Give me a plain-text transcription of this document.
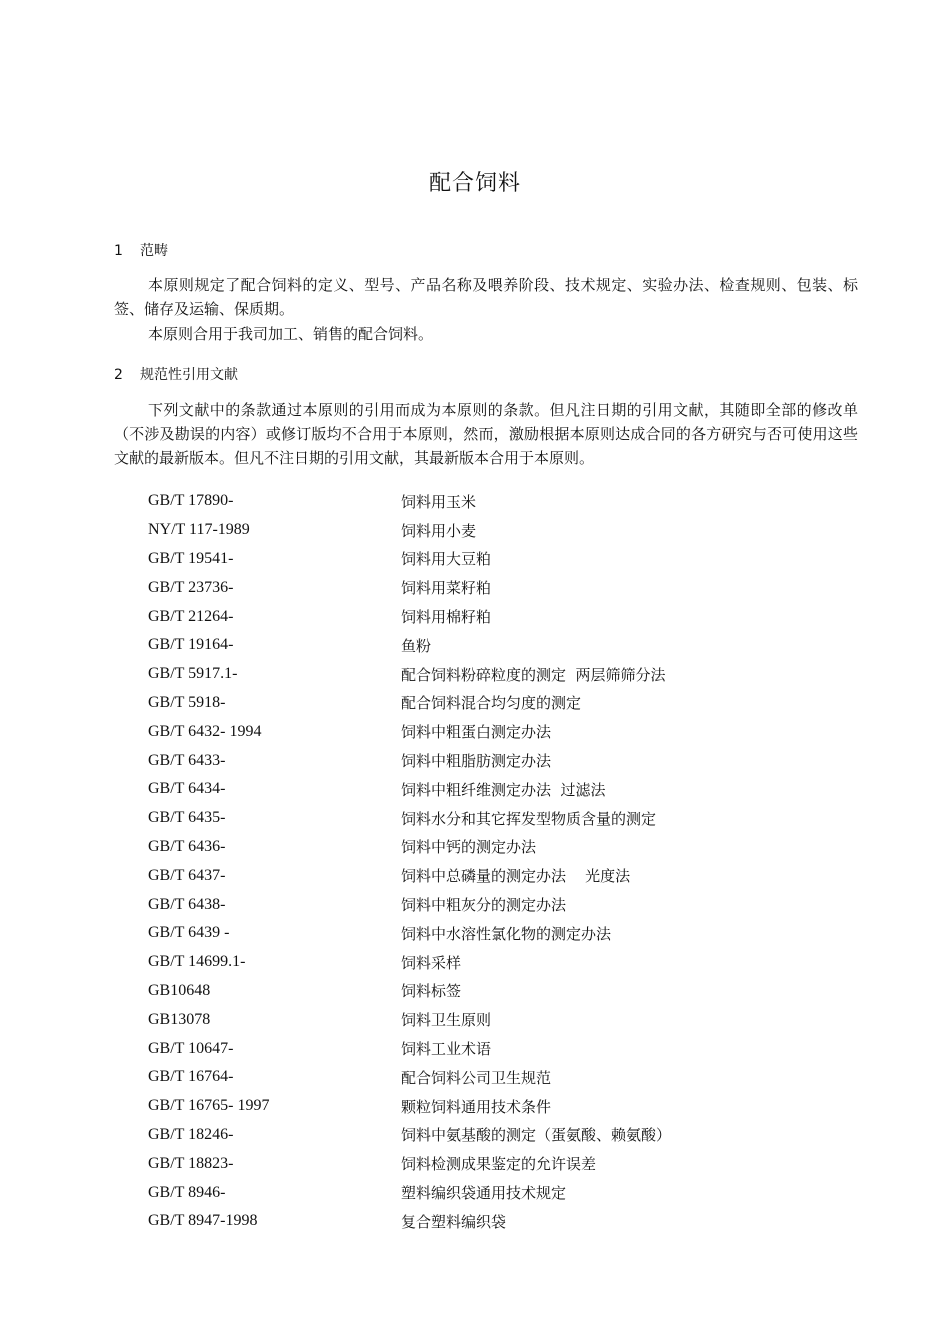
配合饲料
1 范畴
本原则规定了配合饲料的定义、型号、产品名称及喂养阶段、技术规定、实验办法、检查规则、包装、标签、储存及运输、保质期。
本原则合用于我司加工、销售的配合饲料。
2 规范性引用文献
下列文献中的条款通过本原则的引用而成为本原则的条款。但凡注日期的引用文献，其随即全部的修改单（不涉及勘误的内容）或修订版均不合用于本原则，然而，激励根据本原则达成合同的各方研究与否可使用这些文献的最新版本。但凡不注日期的引用文献，其最新版本合用于本原则。
GB/T 17890-	饲料用玉米
NY/T 117-1989	饲料用小麦
GB/T 19541-	饲料用大豆粕
GB/T 23736-	饲料用菜籽粕
GB/T 21264-	饲料用棉籽粕
GB/T 19164-	鱼粉
GB/T 5917.1-	配合饲料粉碎粒度的测定  两层筛筛分法
GB/T 5918-	配合饲料混合均匀度的测定
GB/T 6432- 1994	饲料中粗蛋白测定办法
GB/T 6433-	饲料中粗脂肪测定办法
GB/T 6434-	饲料中粗纤维测定办法  过滤法
GB/T 6435-	饲料水分和其它挥发型物质含量的测定
GB/T 6436-	饲料中钙的测定办法
GB/T 6437-	饲料中总磷量的测定办法    光度法
GB/T 6438-	饲料中粗灰分的测定办法
GB/T 6439 -	饲料中水溶性氯化物的测定办法
GB/T 14699.1-	饲料采样
GB10648	饲料标签
GB13078	饲料卫生原则
GB/T 10647-	饲料工业术语
GB/T 16764-	配合饲料公司卫生规范
GB/T 16765- 1997	颗粒饲料通用技术条件
GB/T 18246-	饲料中氨基酸的测定（蛋氨酸、赖氨酸）
GB/T 18823-	饲料检测成果鉴定的允许误差
GB/T 8946-	塑料编织袋通用技术规定
GB/T 8947-1998	复合塑料编织袋
